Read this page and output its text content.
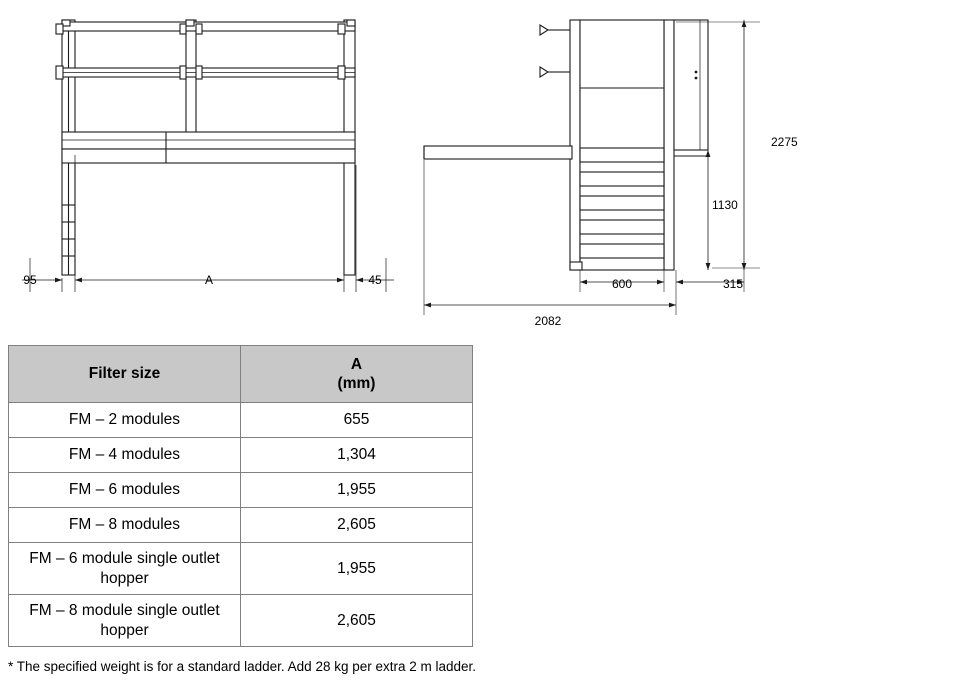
95	A	45
2275
1130
600	315
2082
Filter size	A
(mm)

FM – 2 modules	655
FM – 4 modules	1,304
FM – 6 modules	1,955
FM – 8 modules	2,605
FM – 6 module single outlet hopper	1,955
FM – 8 module single outlet hopper	2,605
* The specified weight is for a standard ladder. Add 28 kg per extra 2 m ladder.
